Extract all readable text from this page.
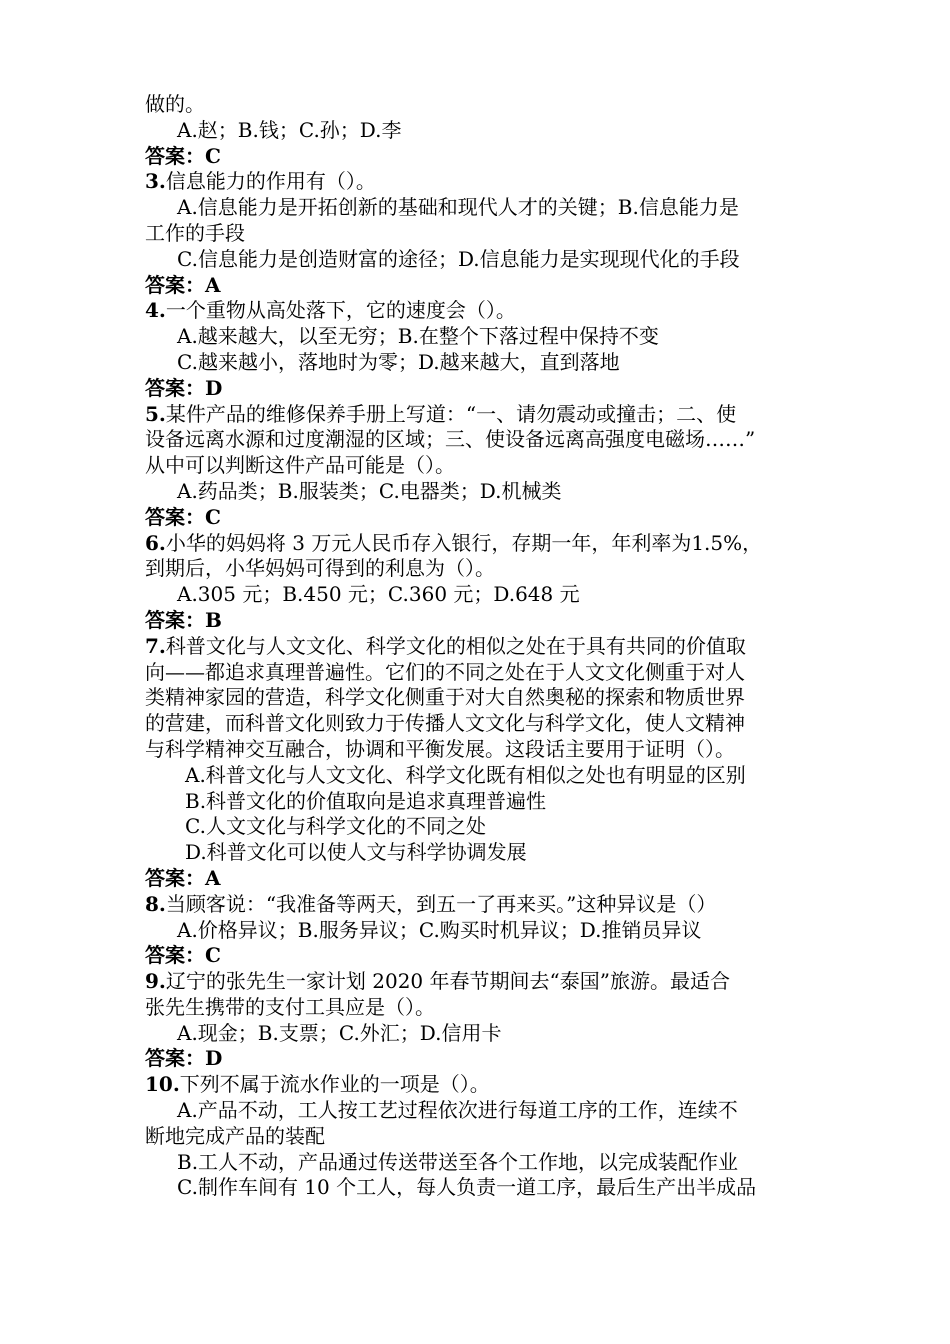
做的。
A.赵；B.钱；C.孙；D.李
答案：C
3.信息能力的作用有（）。
A.信息能力是开拓创新的基础和现代人才的关键；B.信息能力是
工作的手段
C.信息能力是创造财富的途径；D.信息能力是实现现代化的手段
答案：A
4.一个重物从高处落下，它的速度会（）。
A.越来越大，以至无穷；B.在整个下落过程中保持不变
C.越来越小，落地时为零；D.越来越大，直到落地
答案：D
5.某件产品的维修保养手册上写道：“一、请勿震动或撞击；二、使
设备远离水源和过度潮湿的区域；三、使设备远离高强度电磁场……”
从中可以判断这件产品可能是（）。
A.药品类；B.服装类；C.电器类；D.机械类
答案：C
6.小华的妈妈将 3 万元人民币存入银行，存期一年，年利率为1.5%，
到期后，小华妈妈可得到的利息为（）。
A.305 元；B.450 元；C.360 元；D.648 元
答案：B
7.科普文化与人文文化、科学文化的相似之处在于具有共同的价值取
向——都追求真理普遍性。它们的不同之处在于人文文化侧重于对人
类精神家园的营造，科学文化侧重于对大自然奥秘的探索和物质世界
的营建，而科普文化则致力于传播人文文化与科学文化，使人文精神
与科学精神交互融合，协调和平衡发展。这段话主要用于证明（）。
A.科普文化与人文文化、科学文化既有相似之处也有明显的区别
B.科普文化的价值取向是追求真理普遍性
C.人文文化与科学文化的不同之处
D.科普文化可以使人文与科学协调发展
答案：A
8.当顾客说：“我准备等两天，到五一了再来买。”这种异议是（）
A.价格异议；B.服务异议；C.购买时机异议；D.推销员异议
答案：C
9.辽宁的张先生一家计划 2020 年春节期间去“泰国”旅游。最适合
张先生携带的支付工具应是（）。
A.现金；B.支票；C.外汇；D.信用卡
答案：D
10.下列不属于流水作业的一项是（）。
A.产品不动，工人按工艺过程依次进行每道工序的工作，连续不
断地完成产品的装配
B.工人不动，产品通过传送带送至各个工作地，以完成装配作业
C.制作车间有 10 个工人，每人负责一道工序，最后生产出半成品
